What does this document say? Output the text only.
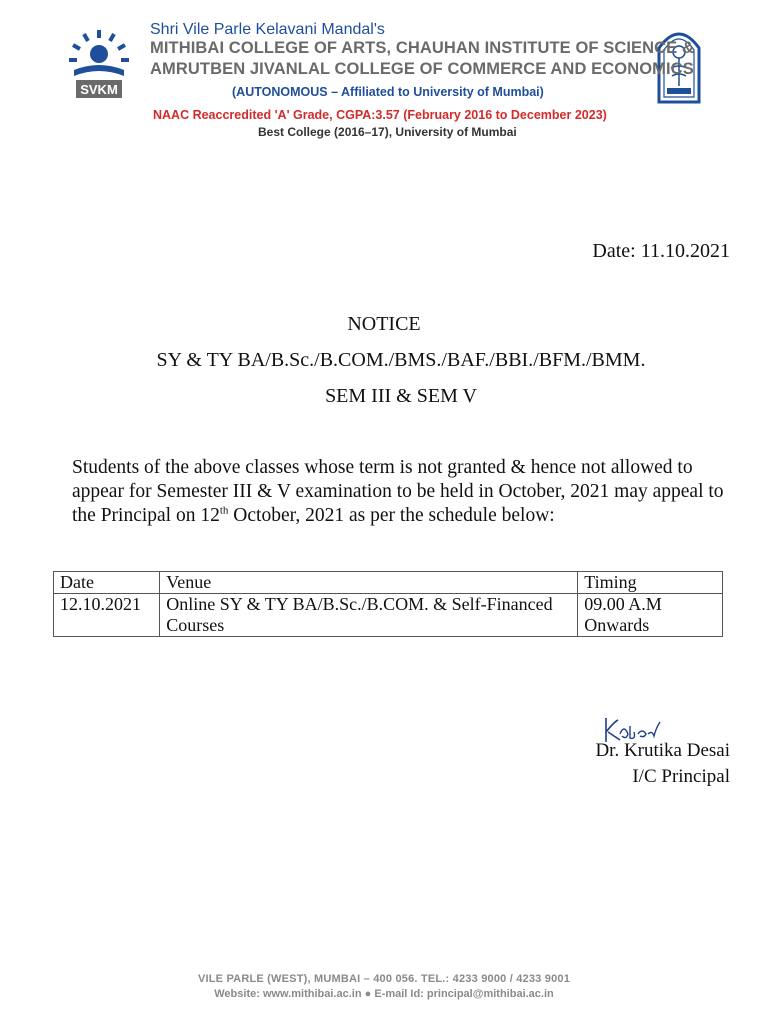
SVKM
Shri Vile Parle Kelavani Mandal's
MITHIBAI COLLEGE OF ARTS, CHAUHAN INSTITUTE OF SCIENCE &
AMRUTBEN JIVANLAL COLLEGE OF COMMERCE AND ECONOMICS
(AUTONOMOUS – Affiliated to University of Mumbai)
NAAC Reaccredited 'A' Grade, CGPA:3.57 (February 2016 to December 2023)
Best College (2016–17), University of Mumbai
Date: 11.10.2021
NOTICE
SY & TY BA/B.Sc./B.COM./BMS./BAF./BBI./BFM./BMM.
SEM III & SEM V
Students of the above classes whose term is not granted & hence not allowed to appear for Semester III & V examination to be held in October, 2021 may appeal to the Principal on 12th October, 2021 as per the schedule below:
Date	Venue	Timing
12.10.2021	Online SY & TY BA/B.Sc./B.COM. & Self-Financed Courses	09.00 A.M Onwards
Dr. Krutika Desai
I/C Principal
VILE PARLE (WEST), MUMBAI – 400 056. TEL.: 4233 9000 / 4233 9001
Website: www.mithibai.ac.in ● E-mail Id: principal@mithibai.ac.in
